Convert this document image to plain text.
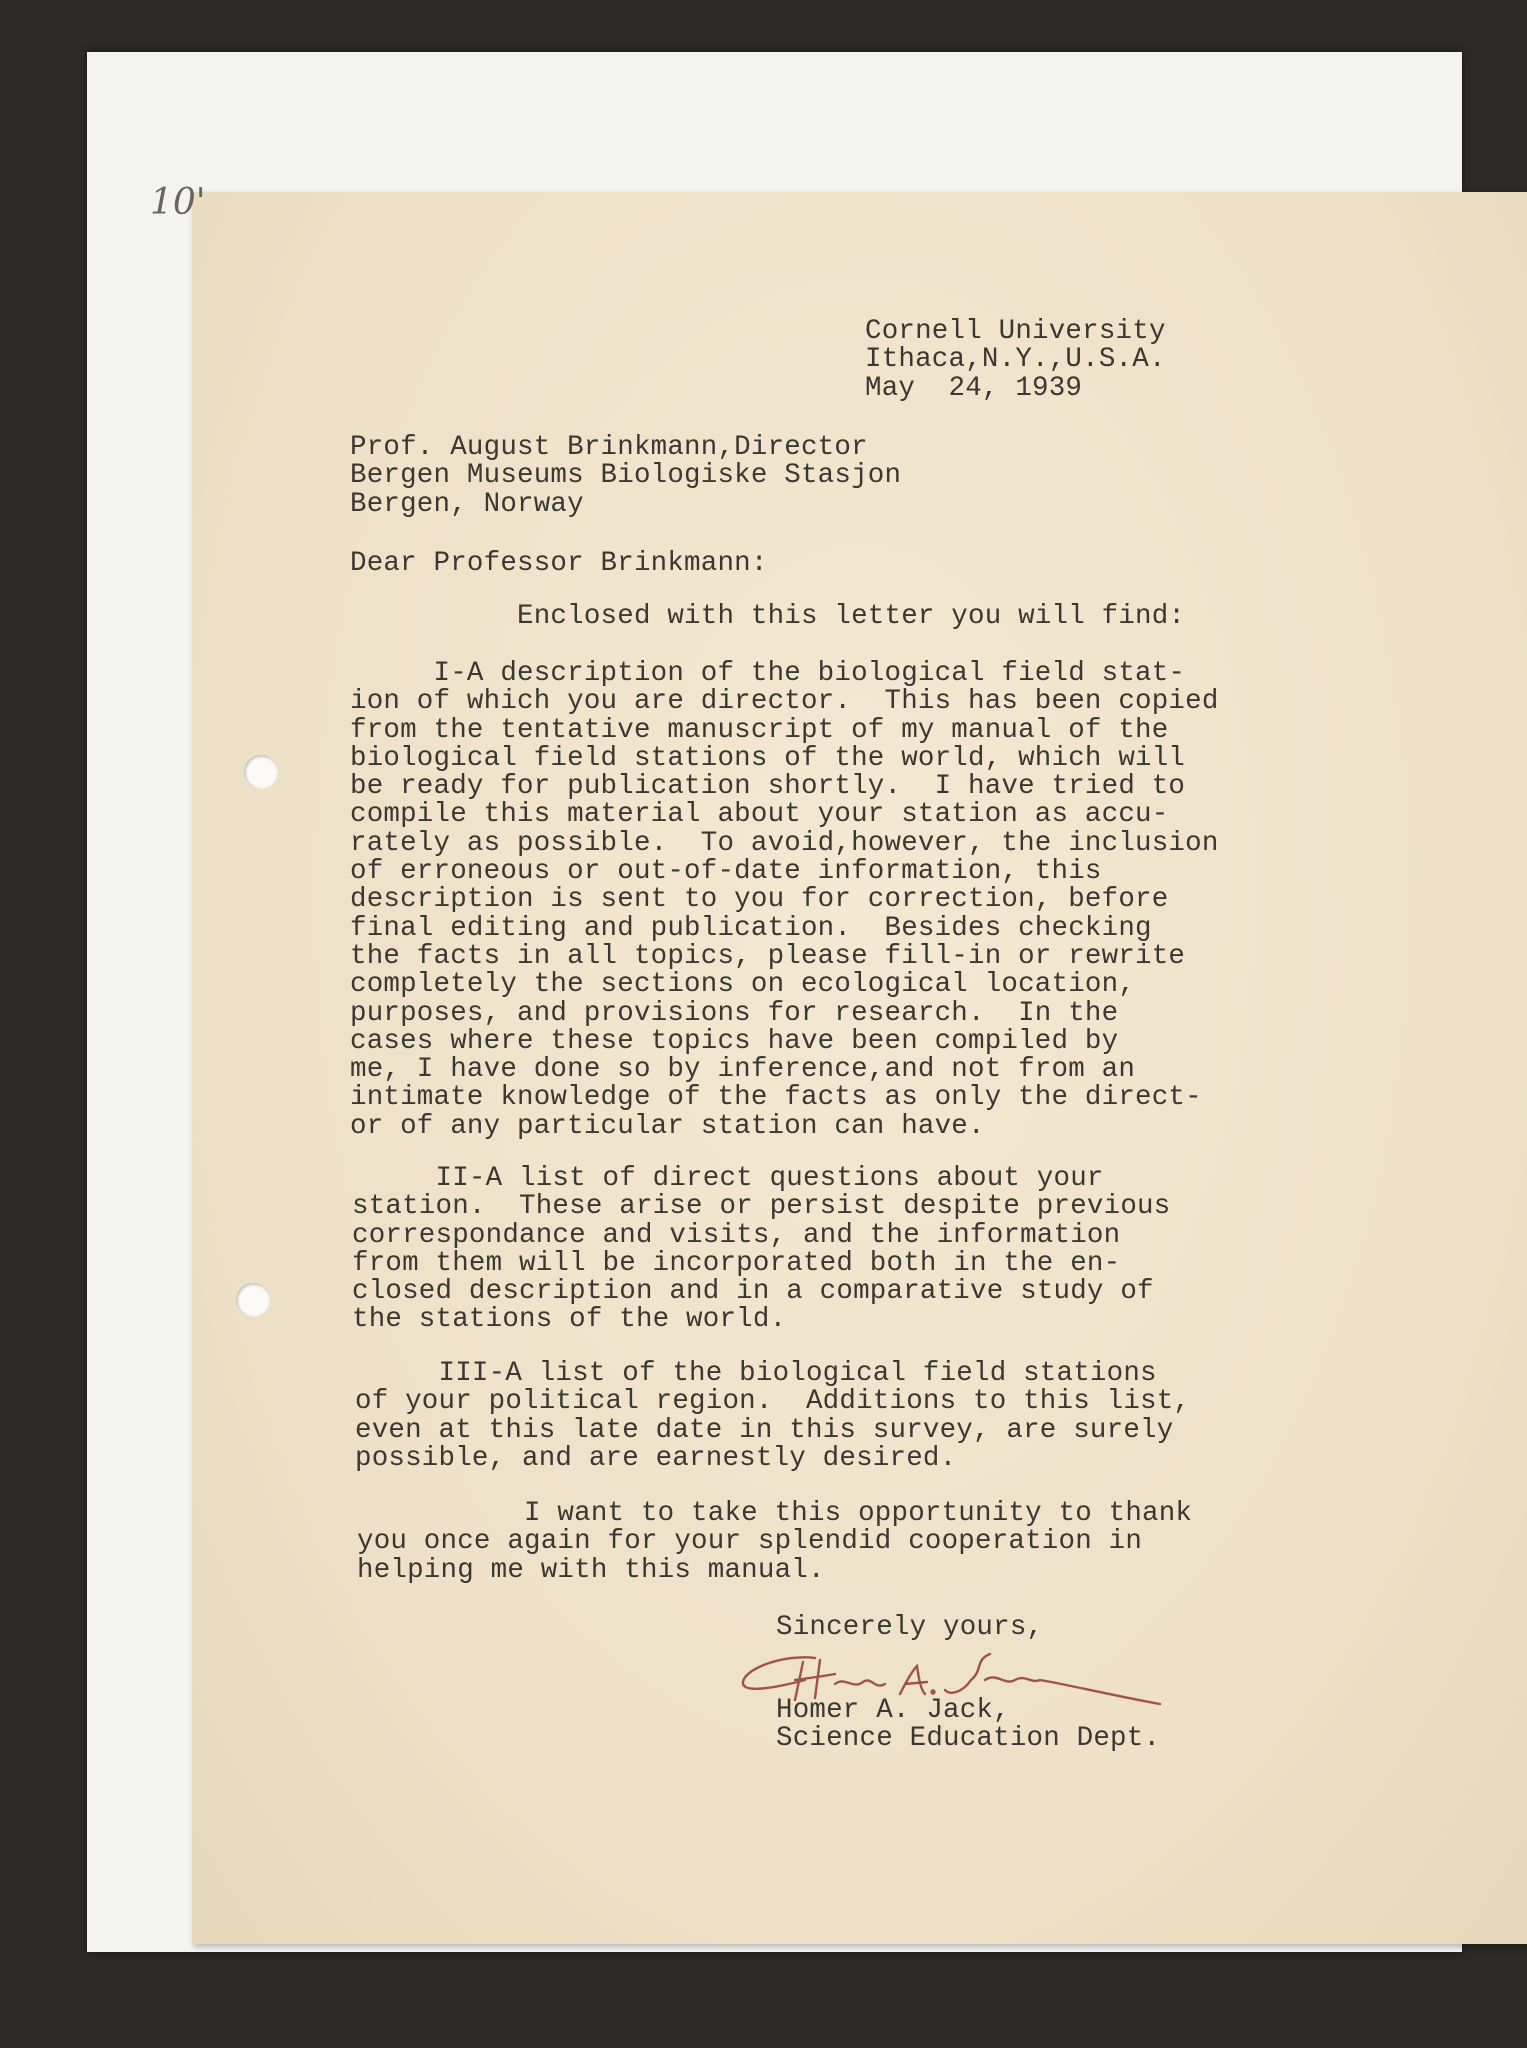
10'
Cornell University
Ithaca,N.Y.,U.S.A.
May  24, 1939
Prof. August Brinkmann,Director
Bergen Museums Biologiske Stasjon
Bergen, Norway
Dear Professor Brinkmann:
Enclosed with this letter you will find:
I-A description of the biological field stat-
ion of which you are director.  This has been copied
from the tentative manuscript of my manual of the
biological field stations of the world, which will
be ready for publication shortly.  I have tried to
compile this material about your station as accu-
rately as possible.  To avoid,however, the inclusion
of erroneous or out-of-date information, this
description is sent to you for correction, before
final editing and publication.  Besides checking
the facts in all topics, please fill-in or rewrite
completely the sections on ecological location,
purposes, and provisions for research.  In the
cases where these topics have been compiled by
me, I have done so by inference,and not from an
intimate knowledge of the facts as only the direct-
or of any particular station can have.
II-A list of direct questions about your
station.  These arise or persist despite previous
correspondance and visits, and the information
from them will be incorporated both in the en-
closed description and in a comparative study of
the stations of the world.
III-A list of the biological field stations
of your political region.  Additions to this list,
even at this late date in this survey, are surely
possible, and are earnestly desired.
I want to take this opportunity to thank
you once again for your splendid cooperation in
helping me with this manual.
Sincerely yours,
Homer A. Jack,
Science Education Dept.
